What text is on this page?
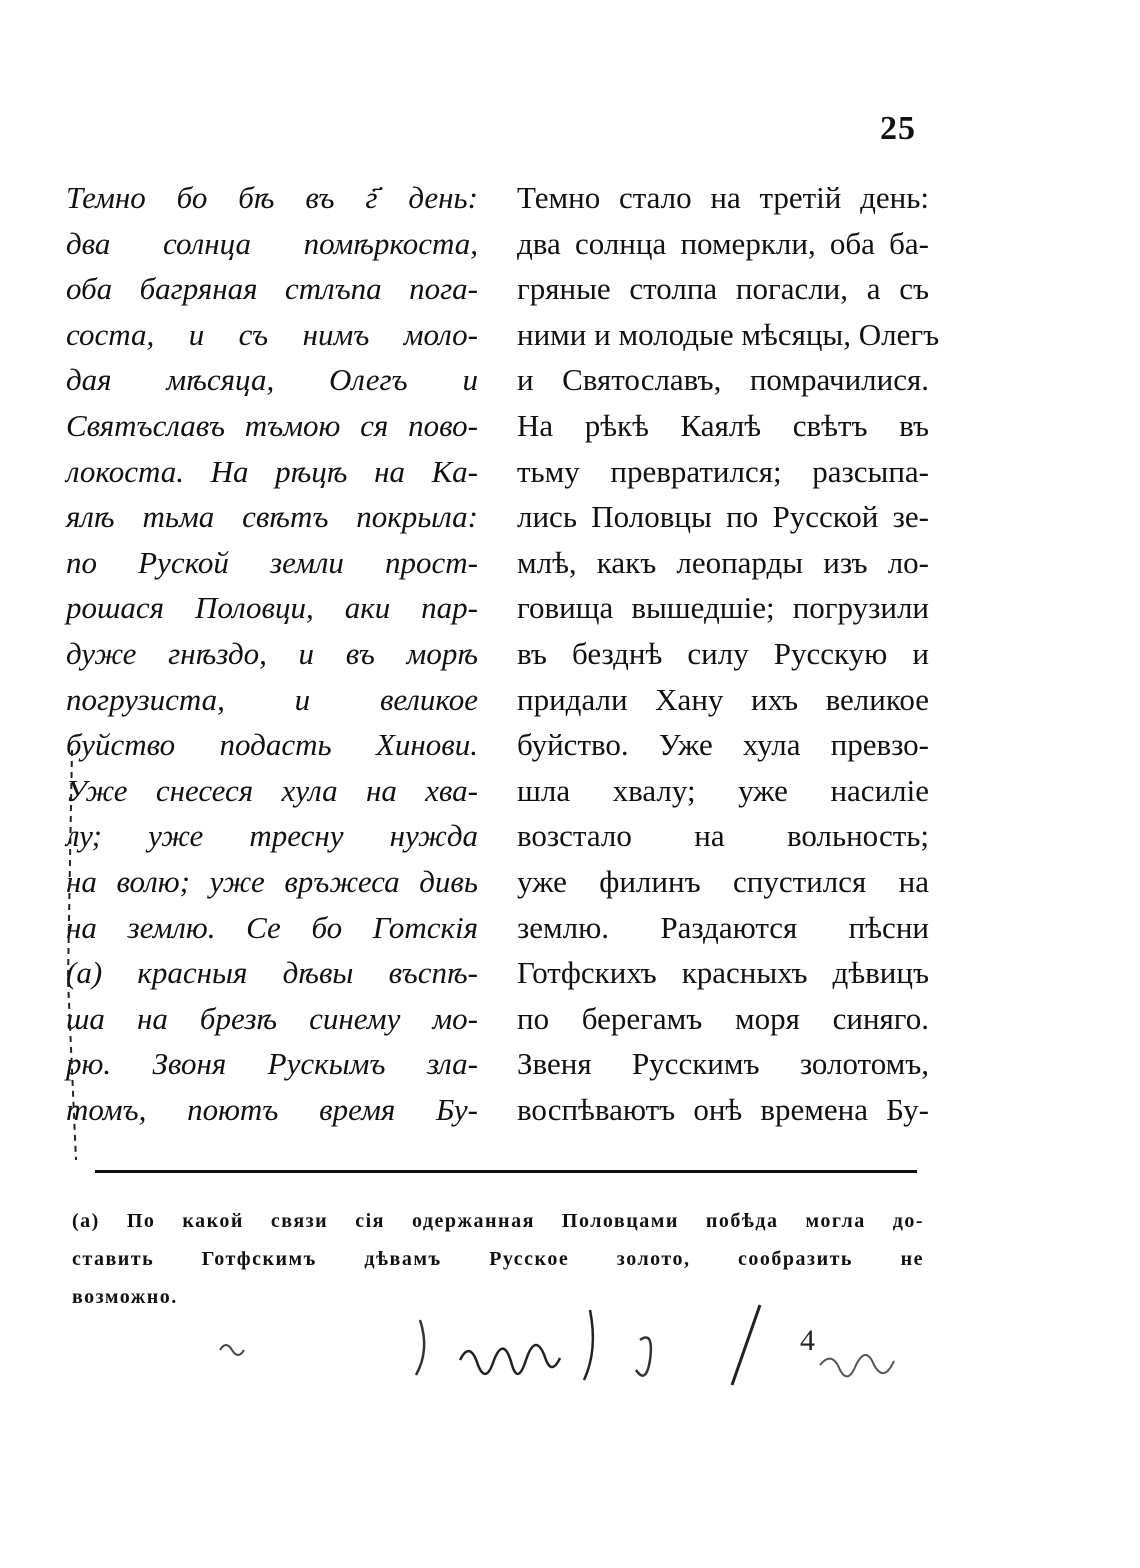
25
Темно бо бѣ въ г҃ день:
два солнца помѣркоста,
оба багряная стлъпа пога-
соста, и съ нимъ моло-
дая мѣсяца, Олегъ и
Святъславъ тъмою ся пово-
локоста. На рѣцѣ на Ка-
ялѣ тьма свѣтъ покрыла:
по Руской земли прост-
рошася Половци, аки пар-
дуже гнѣздо, и въ морѣ
погрузиста, и великое
буйство подасть Хинови.
Уже снесеся хула на хва-
лу; уже тресну нужда
на волю; уже връжеса дивь
на землю. Се бо Готскія
(а) красныя дѣвы въспѣ-
ша на брезѣ синему мо-
рю. Звоня Рускымъ зла-
томъ, поютъ время Бу-
Темно стало на третій день:
два солнца померкли, оба ба-
гряные столпа погасли, а съ
ними и молодые мѣсяцы, Олегъ
и Святославъ, помрачилися.
На рѣкѣ Каялѣ свѣтъ въ
тьму превратился; разсыпа-
лись Половцы по Русской зе-
млѣ, какъ леопарды изъ ло-
говища вышедшіе; погрузили
въ безднѣ силу Русскую и
придали Хану ихъ великое
буйство. Уже хула превзо-
шла хвалу; уже насиліе
возстало на вольность;
уже филинъ спустился на
землю. Раздаются пѣсни
Готфскихъ красныхъ дѣвицъ
по берегамъ моря синяго.
Звеня Русскимъ золотомъ,
воспѣваютъ онѣ времена Бу-
(а) По какой связи сія одержанная Половцами побѣда могла до-
ставить Готфскимъ дѣвамъ Русское золото, сообразить не
возможно.
4
